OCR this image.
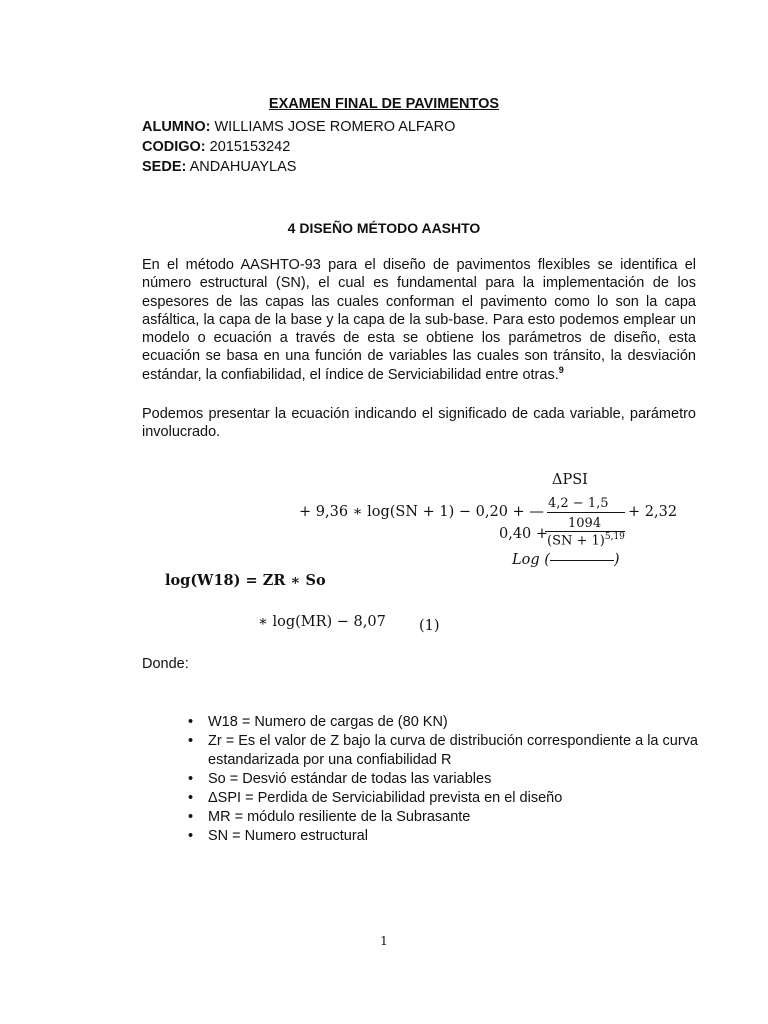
EXAMEN FINAL DE PAVIMENTOS
ALUMNO: WILLIAMS JOSE ROMERO ALFARO
CODIGO: 2015153242
SEDE: ANDAHUAYLAS
4 DISEÑO MÉTODO AASHTO
En el método AASHTO-93 para el diseño de pavimentos flexibles se identifica el número estructural (SN), el cual es fundamental para la implementación de los espesores de las capas las cuales conforman el pavimento como lo son la capa asfáltica, la capa de la base y la capa de la sub-base. Para esto podemos emplear un modelo o ecuación a través de esta se obtiene los parámetros de diseño, esta ecuación se basa en una función de variables las cuales son tránsito, la desviación estándar, la confiabilidad, el índice de Serviciabilidad entre otras.$^9$
Podemos presentar la ecuación indicando el significado de cada variable, parámetro involucrado.
ΔPSI
+ 9,36 ∗ log(SN + 1) − 0,20 + —
4,2 − 1,5
+ 2,32
1094
0,40 +
(SN + 1)$^{5,19}$
Log (	)
log(W18) = ZR ∗ So
∗ log(MR) − 8,07 (1)
Donde:
• W18 = Numero de cargas de (80 KN)
• Zr = Es el valor de Z bajo la curva de distribución correspondiente a la curva estandarizada por una confiabilidad R
• So = Desvió estándar de todas las variables
• ΔSPI = Perdida de Serviciabilidad prevista en el diseño
• MR = módulo resiliente de la Subrasante
• SN = Numero estructural
1
